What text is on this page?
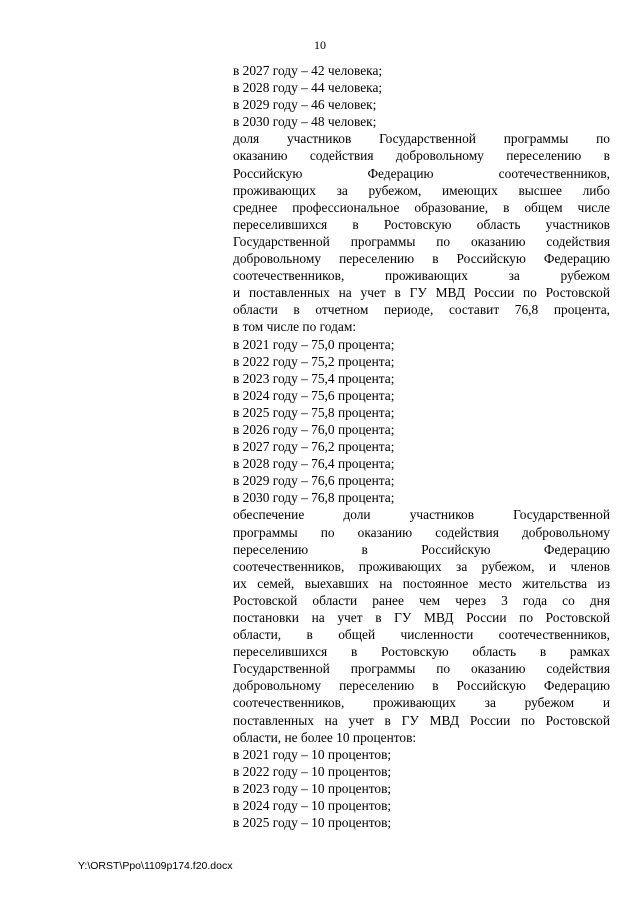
10
в 2027 году – 42 человека;
в 2028 году – 44 человека;
в 2029 году – 46 человек;
в 2030 году – 48 человек;
доля участников Государственной программы по
оказанию содействия добровольному переселению в
Российскую Федерацию соотечественников,
проживающих за рубежом, имеющих высшее либо
среднее профессиональное образование, в общем числе
переселившихся в Ростовскую область участников
Государственной программы по оказанию содействия
добровольному переселению в Российскую Федерацию
соотечественников, проживающих за рубежом
и поставленных на учет в ГУ МВД России по Ростовской
области в отчетном периоде, составит 76,8 процента,
в том числе по годам:
в 2021 году – 75,0 процента;
в 2022 году – 75,2 процента;
в 2023 году – 75,4 процента;
в 2024 году – 75,6 процента;
в 2025 году – 75,8 процента;
в 2026 году – 76,0 процента;
в 2027 году – 76,2 процента;
в 2028 году – 76,4 процента;
в 2029 году – 76,6 процента;
в 2030 году – 76,8 процента;
обеспечение доли участников Государственной
программы по оказанию содействия добровольному
переселению в Российскую Федерацию
соотечественников, проживающих за рубежом, и членов
их семей, выехавших на постоянное место жительства из
Ростовской области ранее чем через 3 года со дня
постановки на учет в ГУ МВД России по Ростовской
области, в общей численности соотечественников,
переселившихся в Ростовскую область в рамках
Государственной программы по оказанию содействия
добровольному переселению в Российскую Федерацию
соотечественников, проживающих за рубежом и
поставленных на учет в ГУ МВД России по Ростовской
области, не более 10 процентов:
в 2021 году – 10 процентов;
в 2022 году – 10 процентов;
в 2023 году – 10 процентов;
в 2024 году – 10 процентов;
в 2025 году – 10 процентов;
Y:\ORST\Ppo\1109p174.f20.docx
